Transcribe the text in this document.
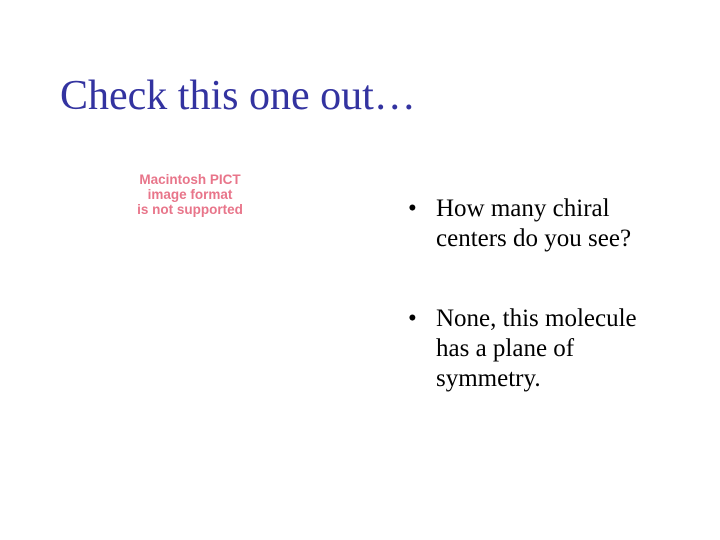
Check this one out…
Macintosh PICT
image format
is not supported	• How many chiral
centers do you see?
• None, this molecule
has a plane of
symmetry.
